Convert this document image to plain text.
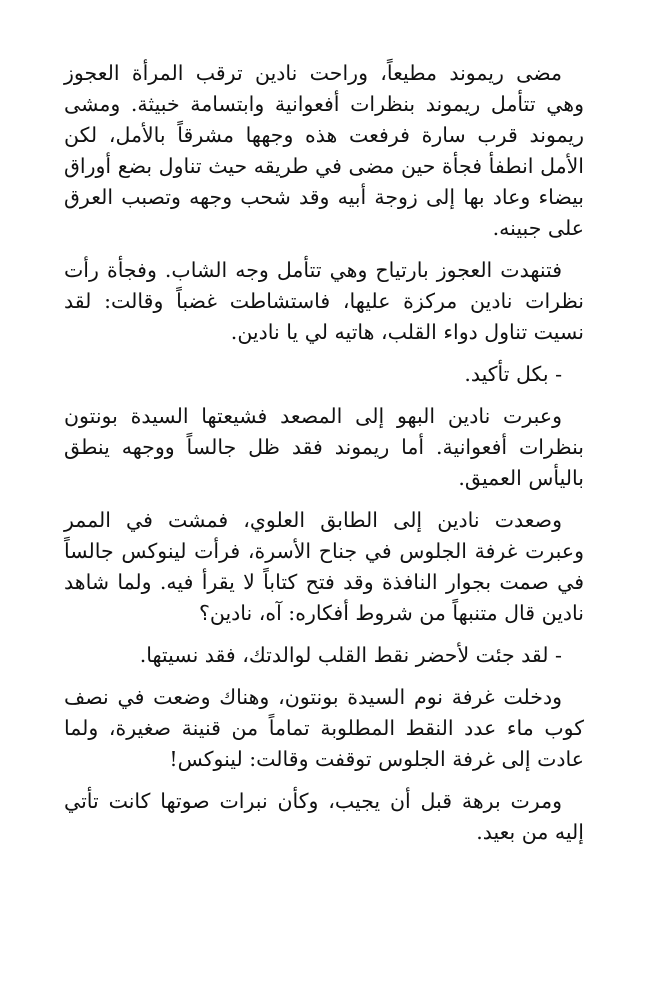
مضى ريموند مطيعاً، وراحت نادين ترقب المرأة العجوز وهي تتأمل ريموند بنظرات أفعوانية وابتسامة خبيثة. ومشى ريموند قرب سارة فرفعت هذه وجهها مشرقاً بالأمل، لكن الأمل انطفأ فجأة حين مضى في طريقه حيث تناول بضع أوراق بيضاء وعاد بها إلى زوجة أبيه وقد شحب وجهه وتصبب العرق على جبينه.

فتنهدت العجوز بارتياح وهي تتأمل وجه الشاب. وفجأة رأت نظرات نادين مركزة عليها، فاستشاطت غضباً وقالت: لقد نسيت تناول دواء القلب، هاتيه لي يا نادين.

- بكل تأكيد.

وعبرت نادين البهو إلى المصعد فشيعتها السيدة بونتون بنظرات أفعوانية. أما ريموند فقد ظل جالساً ووجهه ينطق باليأس العميق.

وصعدت نادين إلى الطابق العلوي، فمشت في الممر وعبرت غرفة الجلوس في جناح الأسرة، فرأت لينوكس جالساً في صمت بجوار النافذة وقد فتح كتاباً لا يقرأ فيه. ولما شاهد نادين قال متنبهاً من شروط أفكاره: آه، نادين؟

- لقد جئت لأحضر نقط القلب لوالدتك، فقد نسيتها.

ودخلت غرفة نوم السيدة بونتون، وهناك وضعت في نصف كوب ماء عدد النقط المطلوبة تماماً من قنينة صغيرة، ولما عادت إلى غرفة الجلوس توقفت وقالت: لينوكس!

ومرت برهة قبل أن يجيب، وكأن نبرات صوتها كانت تأتي إليه من بعيد.
